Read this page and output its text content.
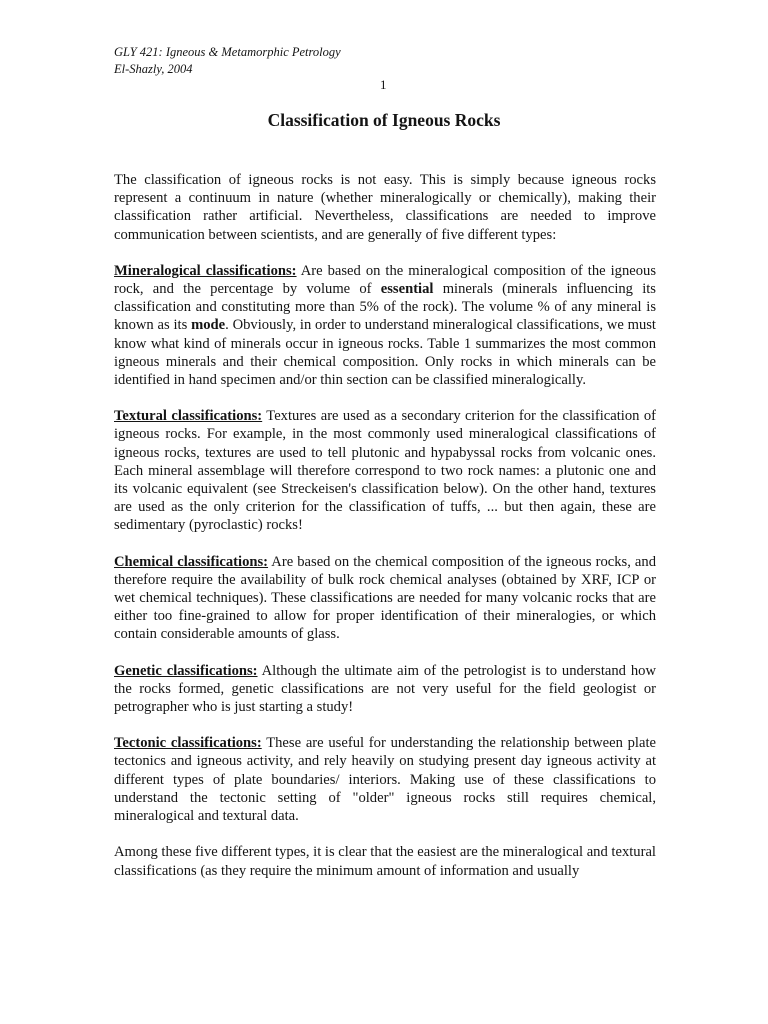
GLY 421: Igneous & Metamorphic Petrology
El-Shazly, 2004
1
Classification of Igneous Rocks

The classification of igneous rocks is not easy. This is simply because igneous rocks represent a continuum in nature (whether mineralogically or chemically), making their classification rather artificial. Nevertheless, classifications are needed to improve communication between scientists, and are generally of five different types:

Mineralogical classifications: Are based on the mineralogical composition of the igneous rock, and the percentage by volume of essential minerals (minerals influencing its classification and constituting more than 5% of the rock). The volume % of any mineral is known as its mode. Obviously, in order to understand mineralogical classifications, we must know what kind of minerals occur in igneous rocks. Table 1 summarizes the most common igneous minerals and their chemical composition. Only rocks in which minerals can be identified in hand specimen and/or thin section can be classified mineralogically.

Textural classifications: Textures are used as a secondary criterion for the classification of igneous rocks. For example, in the most commonly used mineralogical classifications of igneous rocks, textures are used to tell plutonic and hypabyssal rocks from volcanic ones. Each mineral assemblage will therefore correspond to two rock names: a plutonic one and its volcanic equivalent (see Streckeisen's classification below). On the other hand, textures are used as the only criterion for the classification of tuffs, ... but then again, these are sedimentary (pyroclastic) rocks!

Chemical classifications: Are based on the chemical composition of the igneous rocks, and therefore require the availability of bulk rock chemical analyses (obtained by XRF, ICP or wet chemical techniques). These classifications are needed for many volcanic rocks that are either too fine-grained to allow for proper identification of their mineralogies, or which contain considerable amounts of glass.

Genetic classifications: Although the ultimate aim of the petrologist is to understand how the rocks formed, genetic classifications are not very useful for the field geologist or petrographer who is just starting a study!

Tectonic classifications: These are useful for understanding the relationship between plate tectonics and igneous activity, and rely heavily on studying present day igneous activity at different types of plate boundaries/ interiors. Making use of these classifications to understand the tectonic setting of "older" igneous rocks still requires chemical, mineralogical and textural data.

Among these five different types, it is clear that the easiest are the mineralogical and textural classifications (as they require the minimum amount of information and usually
